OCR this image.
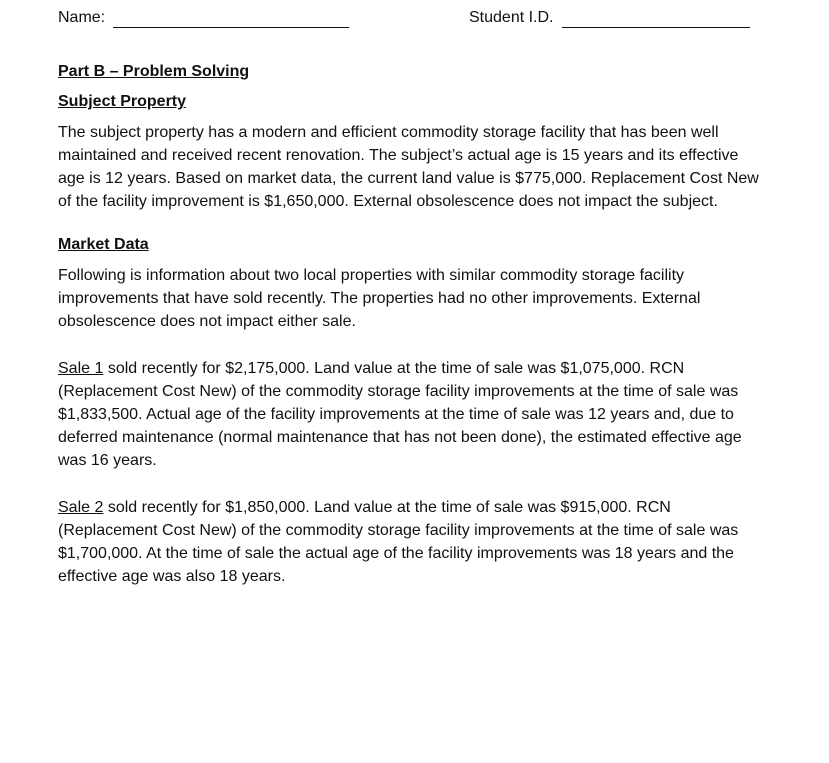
Name:	Student I.D.
Part B – Problem Solving
Subject Property

The subject property has a modern and efficient commodity storage facility that has been well maintained and received recent renovation. The subject’s actual age is 15 years and its effective age is 12 years. Based on market data, the current land value is $775,000. Replacement Cost New of the facility improvement is $1,650,000. External obsolescence does not impact the subject.

Market Data

Following is information about two local properties with similar commodity storage facility improvements that have sold recently. The properties had no other improvements. External obsolescence does not impact either sale.

Sale 1 sold recently for $2,175,000. Land value at the time of sale was $1,075,000. RCN (Replacement Cost New) of the commodity storage facility improvements at the time of sale was $1,833,500. Actual age of the facility improvements at the time of sale was 12 years and, due to deferred maintenance (normal maintenance that has not been done), the estimated effective age was 16 years.

Sale 2 sold recently for $1,850,000. Land value at the time of sale was $915,000. RCN (Replacement Cost New) of the commodity storage facility improvements at the time of sale was $1,700,000. At the time of sale the actual age of the facility improvements was 18 years and the effective age was also 18 years.
